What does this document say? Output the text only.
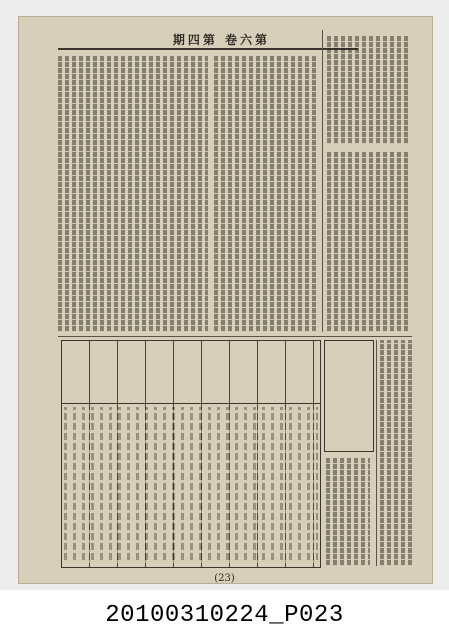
期四第 卷六第
(23)
20100310224_P023
